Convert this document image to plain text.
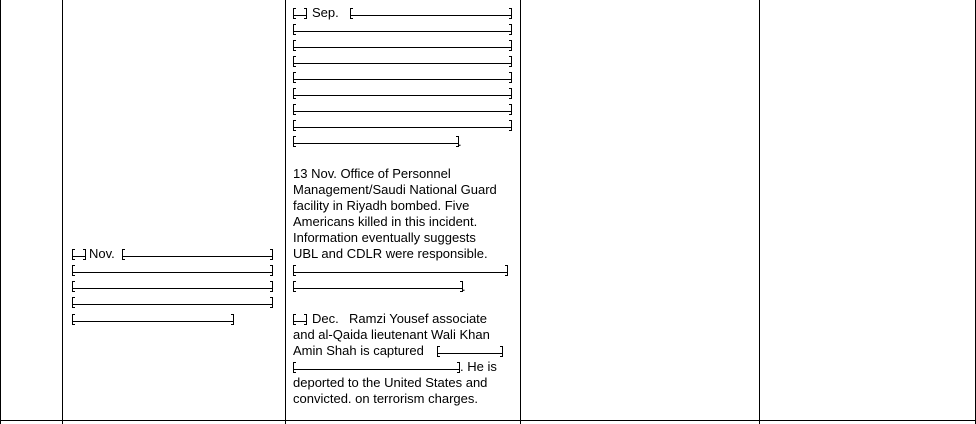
Nov.
Sep.
.
13 Nov. Office of Personnel
Management/Saudi National Guard
facility in Riyadh bombed. Five
Americans killed in this incident.
Information eventually suggests
UBL and CDLR were responsible.
.
Dec. Ramzi Yousef associate
and al-Qaida lieutenant Wali Khan
Amin Shah is captured
. He is
deported to the United States and
convicted. on terrorism charges.
